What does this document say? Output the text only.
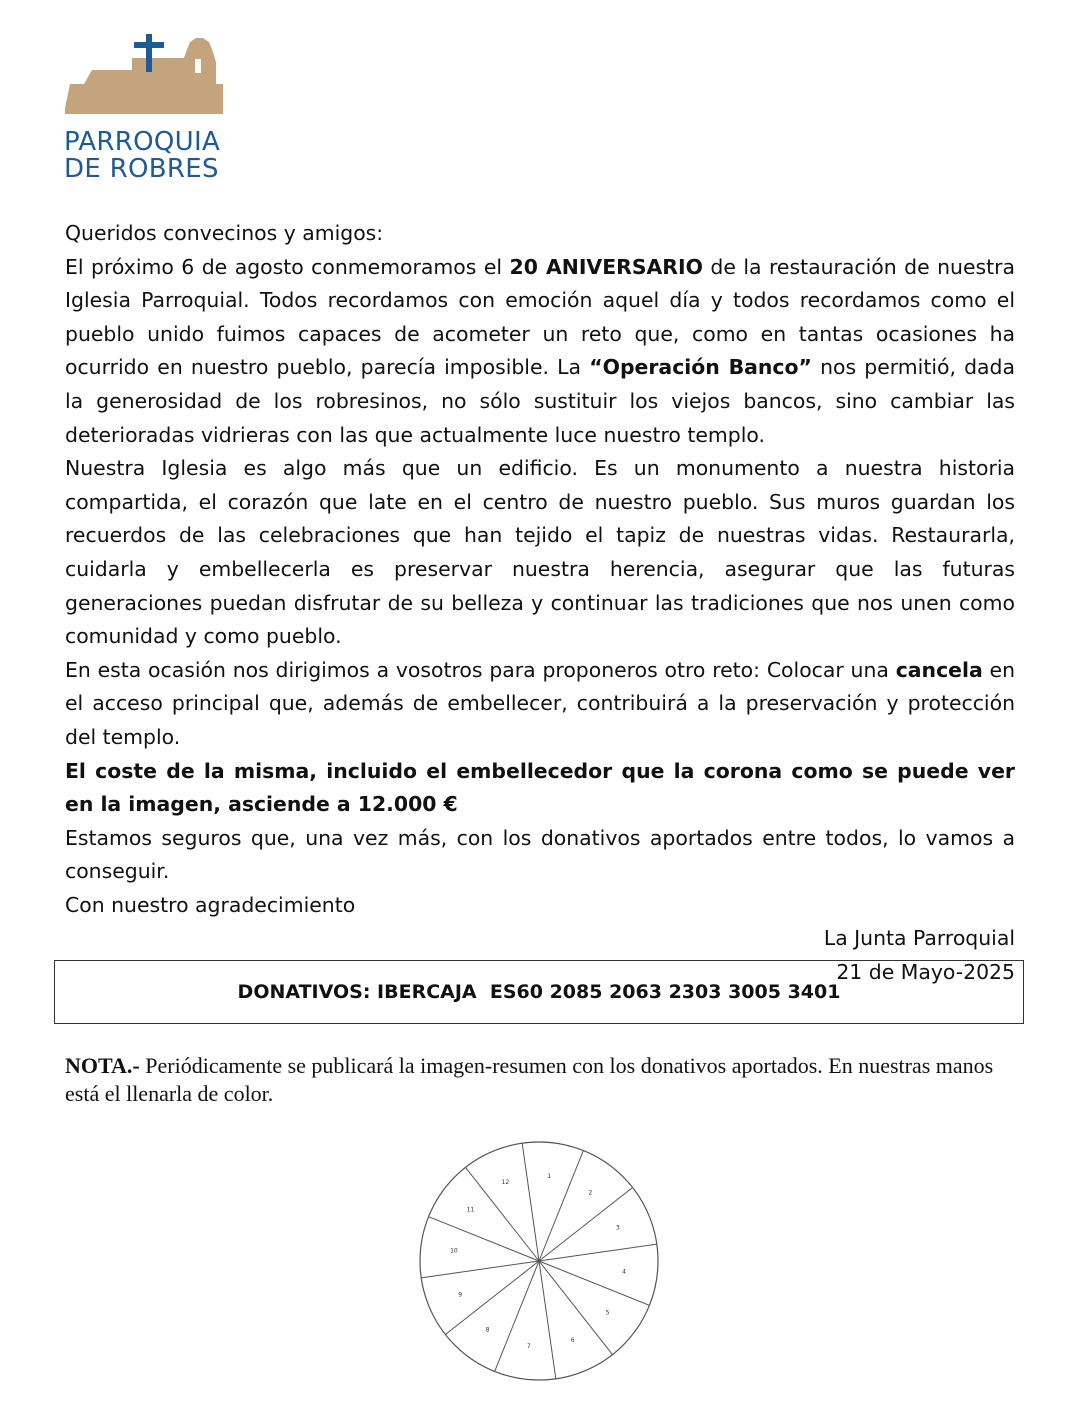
PARROQUIA
DE ROBRES

Queridos convecinos y amigos:

El próximo 6 de agosto conmemoramos el 20 ANIVERSARIO de la restauración de nuestra Iglesia Parroquial. Todos recordamos con emoción aquel día y todos recordamos como el pueblo unido fuimos capaces de acometer un reto que, como en tantas ocasiones ha ocurrido en nuestro pueblo, parecía imposible. La “Operación Banco” nos permitió, dada la generosidad de los robresinos, no sólo sustituir los viejos bancos, sino cambiar las deterioradas vidrieras con las que actualmente luce nuestro templo.

Nuestra Iglesia es algo más que un edificio. Es un monumento a nuestra historia compartida, el corazón que late en el centro de nuestro pueblo. Sus muros guardan los recuerdos de las celebraciones que han tejido el tapiz de nuestras vidas. Restaurarla, cuidarla y embellecerla es preservar nuestra herencia, asegurar que las futuras generaciones puedan disfrutar de su belleza y continuar las tradiciones que nos unen como comunidad y como pueblo.

En esta ocasión nos dirigimos a vosotros para proponeros otro reto: Colocar una cancela en el acceso principal que, además de embellecer, contribuirá a la preservación y protección del templo.

El coste de la misma, incluido el embellecedor que la corona como se puede ver en la imagen, asciende a 12.000 €

Estamos seguros que, una vez más, con los donativos aportados entre todos, lo vamos a conseguir.

Con nuestro agradecimiento

La Junta Parroquial

21 de Mayo-2025

DONATIVOS: IBERCAJA  ES60 2085 2063 2303 3005 3401
NOTA.- Periódicamente se publicará la imagen-resumen con los donativos aportados. En nuestras manos está el llenarla de color.
1
2
3
4
5
6
7
8
9
10
11
12
